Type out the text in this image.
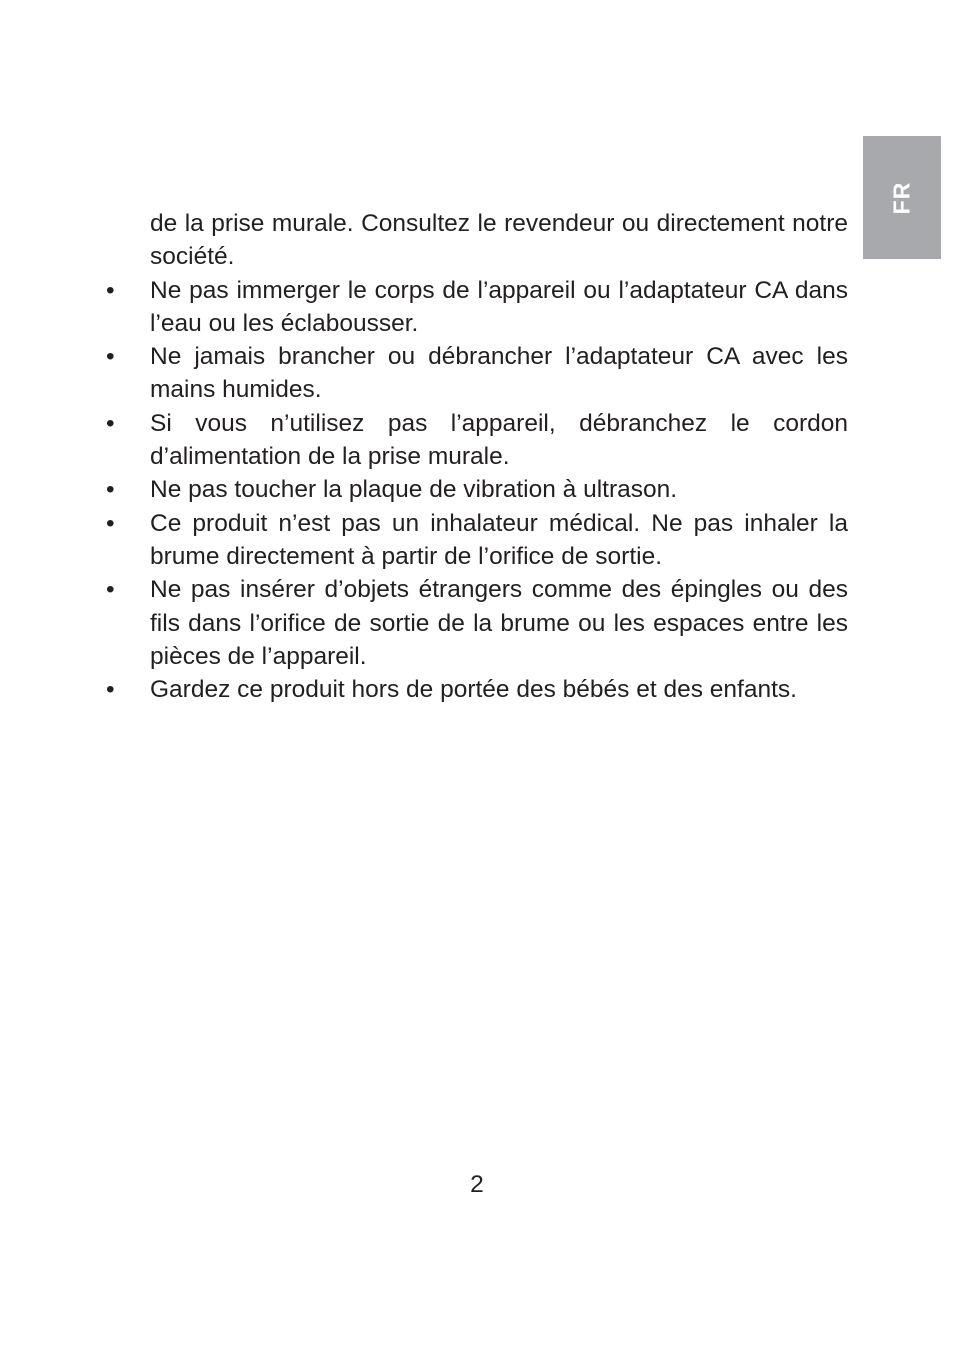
FR

de la prise murale. Consultez le revendeur ou directement notre société.

• Ne pas immerger le corps de l’appareil ou l’adaptateur CA dans l’eau ou les éclabousser.
• Ne jamais brancher ou débrancher l’adaptateur CA avec les mains humides.
• Si vous n’utilisez pas l’appareil, débranchez le cordon d’alimentation de la prise murale.
• Ne pas toucher la plaque de vibration à ultrason.
• Ce produit n’est pas un inhalateur médical. Ne pas inhaler la brume directement à partir de l’orifice de sortie.
• Ne pas insérer d’objets étrangers comme des épingles ou des fils dans l’orifice de sortie de la brume ou les espaces entre les pièces de l’appareil.
• Gardez ce produit hors de portée des bébés et des enfants.
2
